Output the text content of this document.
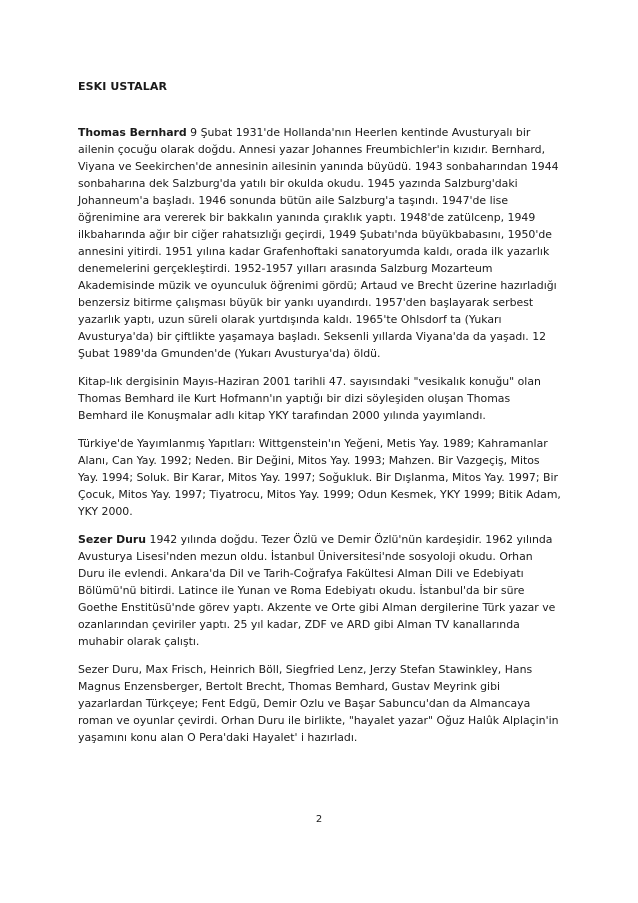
ESKI USTALAR

Thomas Bernhard 9 Şubat 1931'de Hollanda'nın Heerlen kentinde Avusturyalı bir ailenin çocuğu olarak doğdu. Annesi yazar Johannes Freumbichler'in kızıdır. Bernhard, Viyana ve Seekirchen'de annesinin ailesinin yanında büyüdü. 1943 sonbaharından 1944 sonbaharına dek Salzburg'da yatılı bir okulda okudu. 1945 yazında Salzburg'daki Johanneum'a başladı. 1946 sonunda bütün aile Salzburg'a taşındı. 1947'de lise öğrenimine ara vererek bir bakkalın yanında çıraklık yaptı. 1948'de zatülcenp, 1949 ilkbaharında ağır bir ciğer rahatsızlığı geçirdi, 1949 Şubatı'nda büyükbabasını, 1950'de annesini yitirdi. 1951 yılına kadar Grafenhoftaki sanatoryumda kaldı, orada ilk yazarlık denemelerini gerçekleştirdi. 1952-1957 yılları arasında Salzburg Mozarteum Akademisinde müzik ve oyunculuk öğrenimi gördü; Artaud ve Brecht üzerine hazırladığı benzersiz bitirme çalışması büyük bir yankı uyandırdı. 1957'den başlayarak serbest yazarlık yaptı, uzun süreli olarak yurtdışında kaldı. 1965'te Ohlsdorf ta (Yukarı Avusturya'da) bir çiftlikte yaşamaya başladı. Seksenli yıllarda Viyana'da da yaşadı. 12 Şubat 1989'da Gmunden'de (Yukarı Avusturya'da) öldü.

Kitap-lık dergisinin Mayıs-Haziran 2001 tarihli 47. sayısındaki "vesikalık konuğu" olan Thomas Bemhard ile Kurt Hofmann'ın yaptığı bir dizi söyleşiden oluşan Thomas Bemhard ile Konuşmalar adlı kitap YKY tarafından 2000 yılında yayımlandı.

Türkiye'de Yayımlanmış Yapıtları: Wittgenstein'ın Yeğeni, Metis Yay. 1989; Kahramanlar Alanı, Can Yay. 1992; Neden. Bir Değini, Mitos Yay. 1993; Mahzen. Bir Vazgeçiş, Mitos Yay. 1994; Soluk. Bir Karar, Mitos Yay. 1997; Soğukluk. Bir Dışlanma, Mitos Yay. 1997; Bir Çocuk, Mitos Yay. 1997; Tiyatrocu, Mitos Yay. 1999; Odun Kesmek, YKY 1999; Bitik Adam, YKY 2000.

Sezer Duru 1942 yılında doğdu. Tezer Özlü ve Demir Özlü'nün kardeşidir. 1962 yılında Avusturya Lisesi'nden mezun oldu. İstanbul Üniversitesi'nde sosyoloji okudu. Orhan Duru ile evlendi. Ankara'da Dil ve Tarih-Coğrafya Fakültesi Alman Dili ve Edebiyatı Bölümü'nü bitirdi. Latince ile Yunan ve Roma Edebiyatı okudu. İstanbul'da bir süre Goethe Enstitüsü'nde görev yaptı. Akzente ve Orte gibi Alman dergilerine Türk yazar ve ozanlarından çeviriler yaptı. 25 yıl kadar, ZDF ve ARD gibi Alman TV kanallarında muhabir olarak çalıştı.

Sezer Duru, Max Frisch, Heinrich Böll, Siegfried Lenz, Jerzy Stefan Stawinkley, Hans Magnus Enzensberger, Bertolt Brecht, Thomas Bemhard, Gustav Meyrink gibi yazarlardan Türkçeye; Fent Edgü, Demir Ozlu ve Başar Sabuncu'dan da Almancaya roman ve oyunlar çevirdi. Orhan Duru ile birlikte, "hayalet yazar" Oğuz Halûk Alplaçin'in yaşamını konu alan O Pera'daki Hayalet' i hazırladı.

2
